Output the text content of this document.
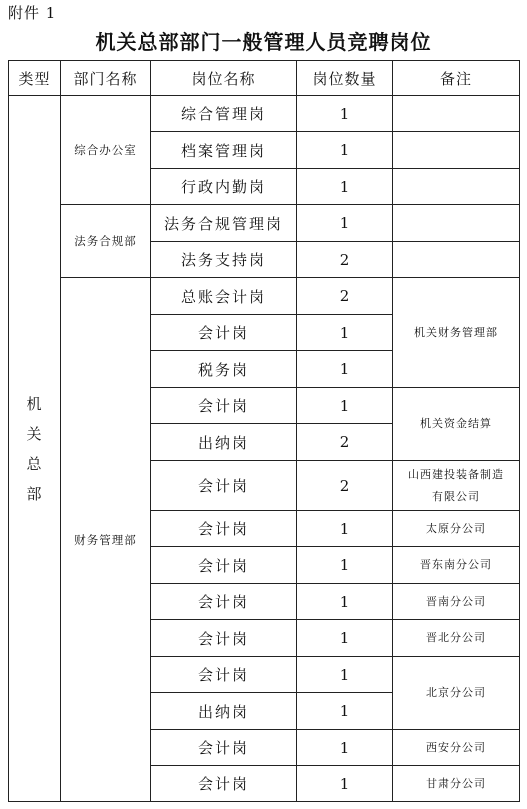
附件 1
机关总部部门一般管理人员竞聘岗位
类型	部门名称	岗位名称	岗位数量	备注
机关总部	综合办公室	综合管理岗	1	
		档案管理岗	1	
		行政内勤岗	1	
	法务合规部	法务合规管理岗	1	
		法务支持岗	2	
	财务管理部	总账会计岗	2	机关财务管理部
		会计岗	1	
		税务岗	1	
		会计岗	1	机关资金结算
		出纳岗	2	
		会计岗	2	山西建投装备制造有限公司
		会计岗	1	太原分公司
		会计岗	1	晋东南分公司
		会计岗	1	晋南分公司
		会计岗	1	晋北分公司
		会计岗	1	北京分公司
		出纳岗	1	
		会计岗	1	西安分公司
		会计岗	1	甘肃分公司
